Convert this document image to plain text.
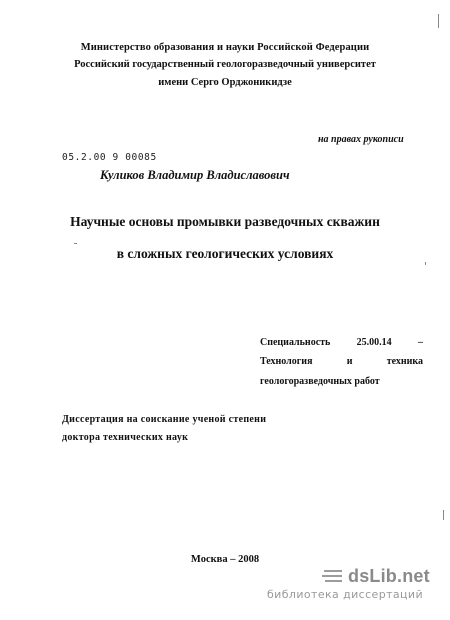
Министерство образования и науки Российской Федерации
Российский государственный геологоразведочный университет
имени Серго Орджоникидзе
на правах рукописи
05.2.00 9 00085
Куликов Владимир Владиславович
Научные основы промывки разведочных скважин
в сложных геологических условиях
Специальность	25.00.14	–
Технология	и	техника
геологоразведочных работ
Диссертация на соискание ученой степени
доктора технических наук
Москва – 2008
dsLib.net
библиотека диссертаций
